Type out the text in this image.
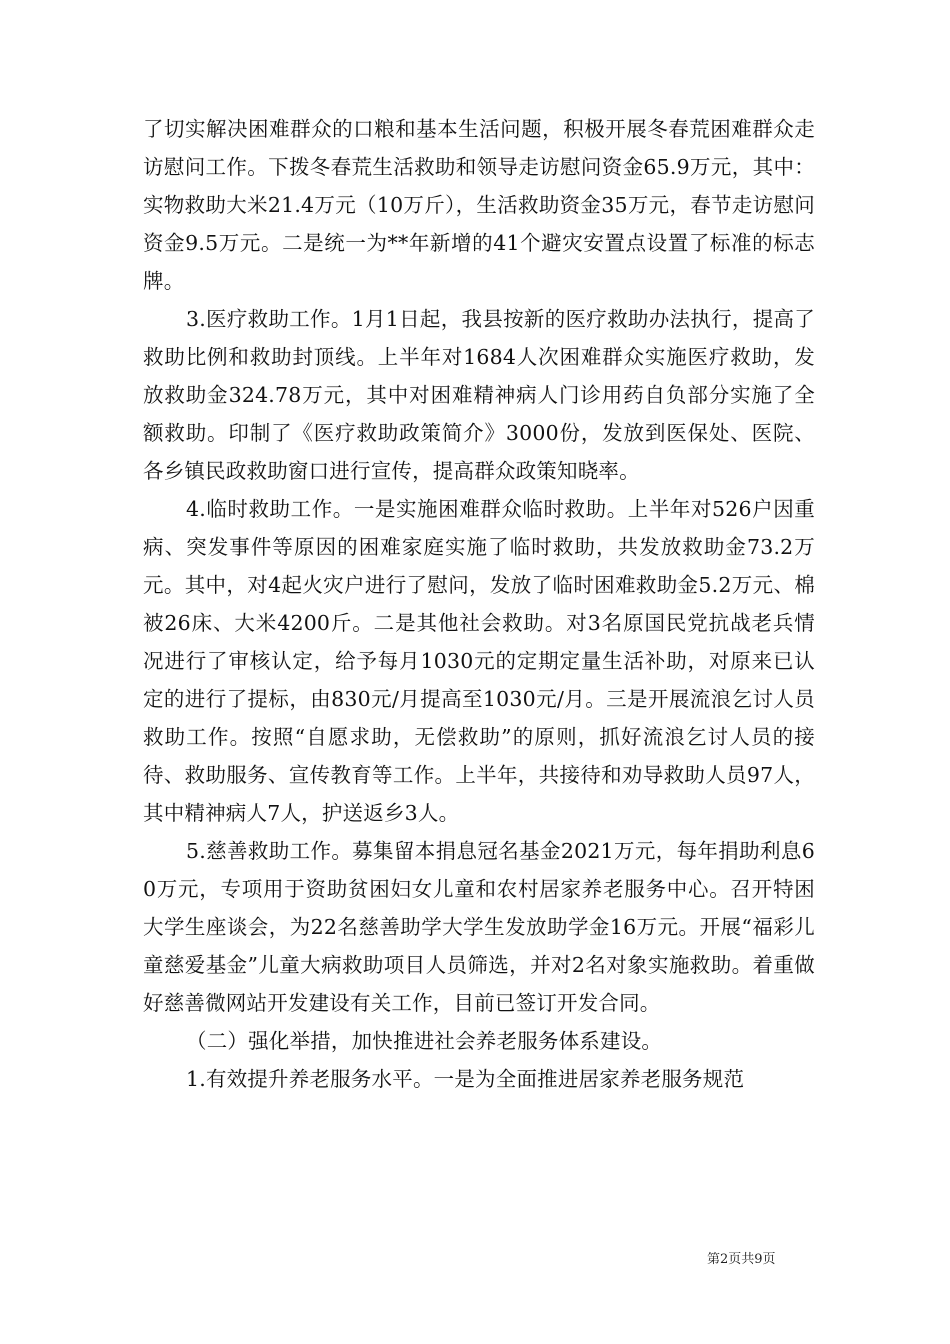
了切实解决困难群众的口粮和基本生活问题，积极开展冬春荒困难群众走访慰问工作。下拨冬春荒生活救助和领导走访慰问资金65.9万元，其中：实物救助大米21.4万元（10万斤），生活救助资金35万元，春节走访慰问资金9.5万元。二是统一为**年新增的41个避灾安置点设置了标准的标志牌。

3.医疗救助工作。1月1日起，我县按新的医疗救助办法执行，提高了救助比例和救助封顶线。上半年对1684人次困难群众实施医疗救助，发放救助金324.78万元，其中对困难精神病人门诊用药自负部分实施了全额救助。印制了《医疗救助政策简介》3000份，发放到医保处、医院、各乡镇民政救助窗口进行宣传，提高群众政策知晓率。

4.临时救助工作。一是实施困难群众临时救助。上半年对526户因重病、突发事件等原因的困难家庭实施了临时救助，共发放救助金73.2万元。其中，对4起火灾户进行了慰问，发放了临时困难救助金5.2万元、棉被26床、大米4200斤。二是其他社会救助。对3名原国民党抗战老兵情况进行了审核认定，给予每月1030元的定期定量生活补助，对原来已认定的进行了提标，由830元/月提高至1030元/月。三是开展流浪乞讨人员救助工作。按照“自愿求助，无偿救助”的原则，抓好流浪乞讨人员的接待、救助服务、宣传教育等工作。上半年，共接待和劝导救助人员97人，其中精神病人7人，护送返乡3人。

5.慈善救助工作。募集留本捐息冠名基金2021万元，每年捐助利息60万元，专项用于资助贫困妇女儿童和农村居家养老服务中心。召开特困大学生座谈会，为22名慈善助学大学生发放助学金16万元。开展“福彩儿童慈爱基金”儿童大病救助项目人员筛选，并对2名对象实施救助。着重做好慈善微网站开发建设有关工作，目前已签订开发合同。

（二）强化举措，加快推进社会养老服务体系建设。

1.有效提升养老服务水平。一是为全面推进居家养老服务规范

第2页共9页
